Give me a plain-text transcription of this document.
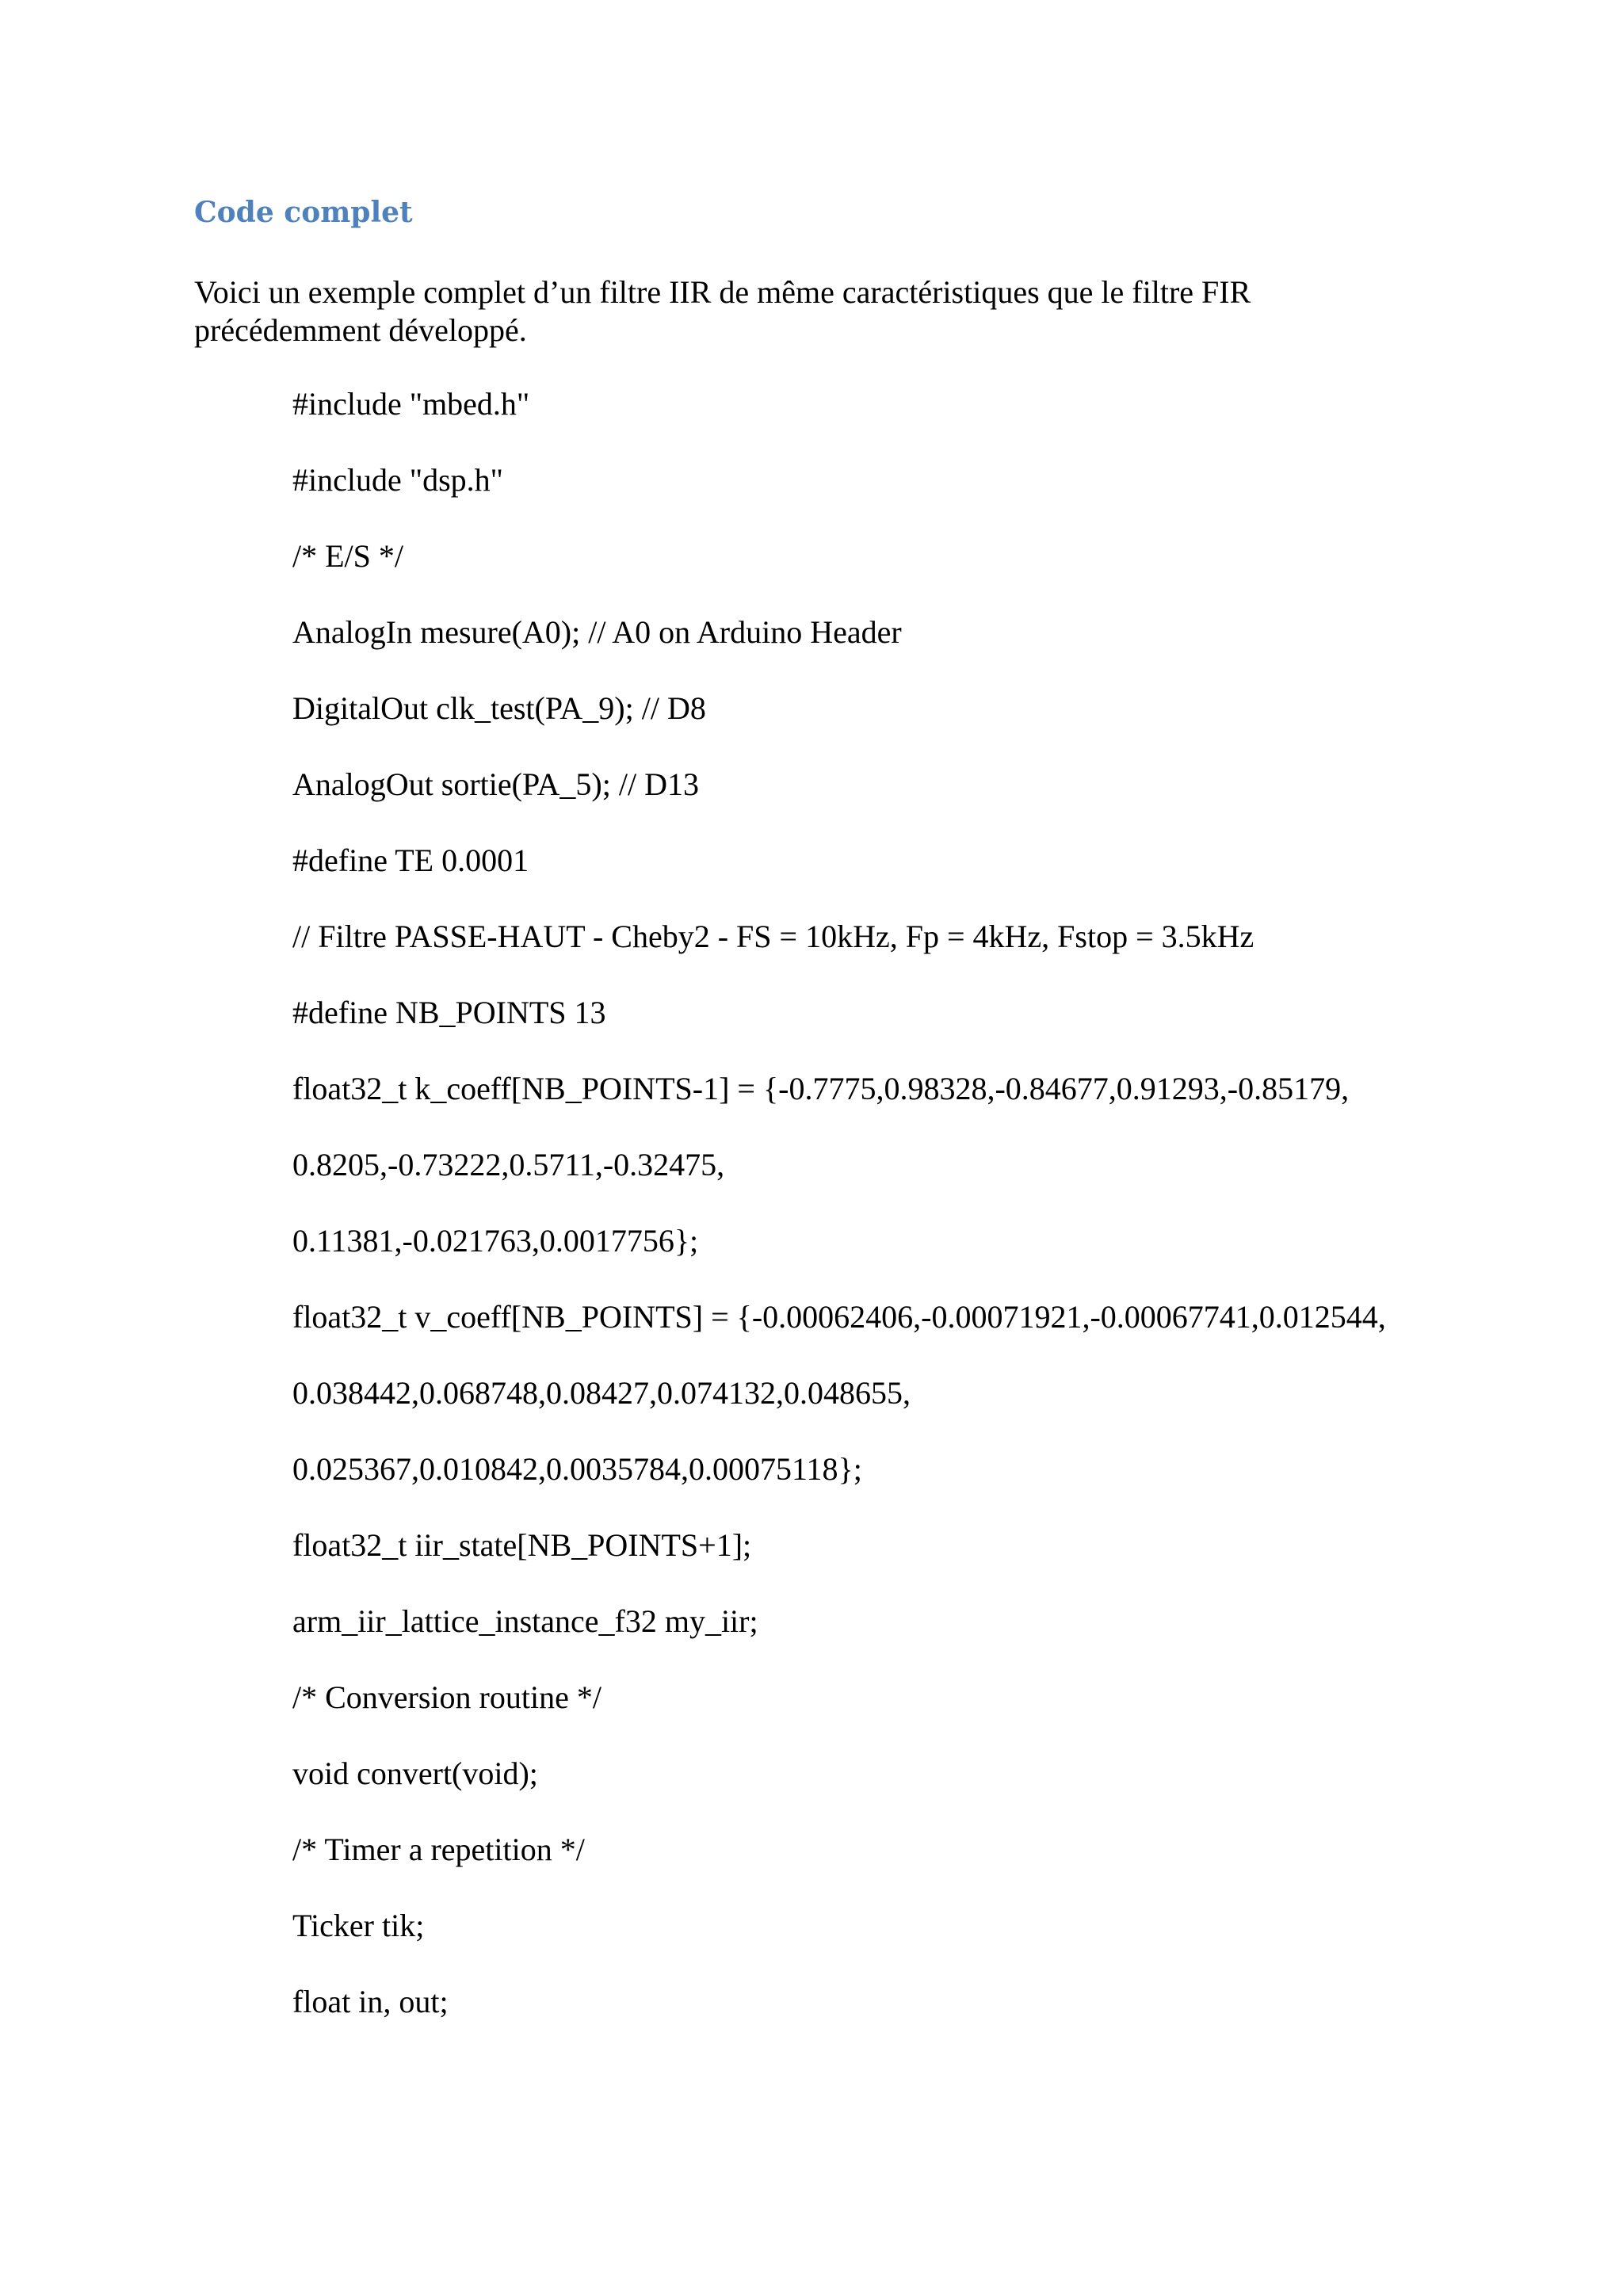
Code complet

Voici un exemple complet d’un filtre IIR de même caractéristiques que le filtre FIR précédemment développé.

#include "mbed.h"
#include "dsp.h"
/* E/S */
AnalogIn mesure(A0); // A0 on Arduino Header
DigitalOut clk_test(PA_9); // D8
AnalogOut sortie(PA_5); // D13
#define TE 0.0001
// Filtre PASSE-HAUT - Cheby2 - FS = 10kHz, Fp = 4kHz, Fstop = 3.5kHz
#define NB_POINTS 13
float32_t k_coeff[NB_POINTS-1] = {-0.7775,0.98328,-0.84677,0.91293,-0.85179,
0.8205,-0.73222,0.5711,-0.32475,
0.11381,-0.021763,0.0017756};
float32_t v_coeff[NB_POINTS] = {-0.00062406,-0.00071921,-0.00067741,0.012544,
0.038442,0.068748,0.08427,0.074132,0.048655,
0.025367,0.010842,0.0035784,0.00075118};
float32_t iir_state[NB_POINTS+1];
arm_iir_lattice_instance_f32 my_iir;
/* Conversion routine */
void convert(void);
/* Timer a repetition */
Ticker tik;
float in, out;
